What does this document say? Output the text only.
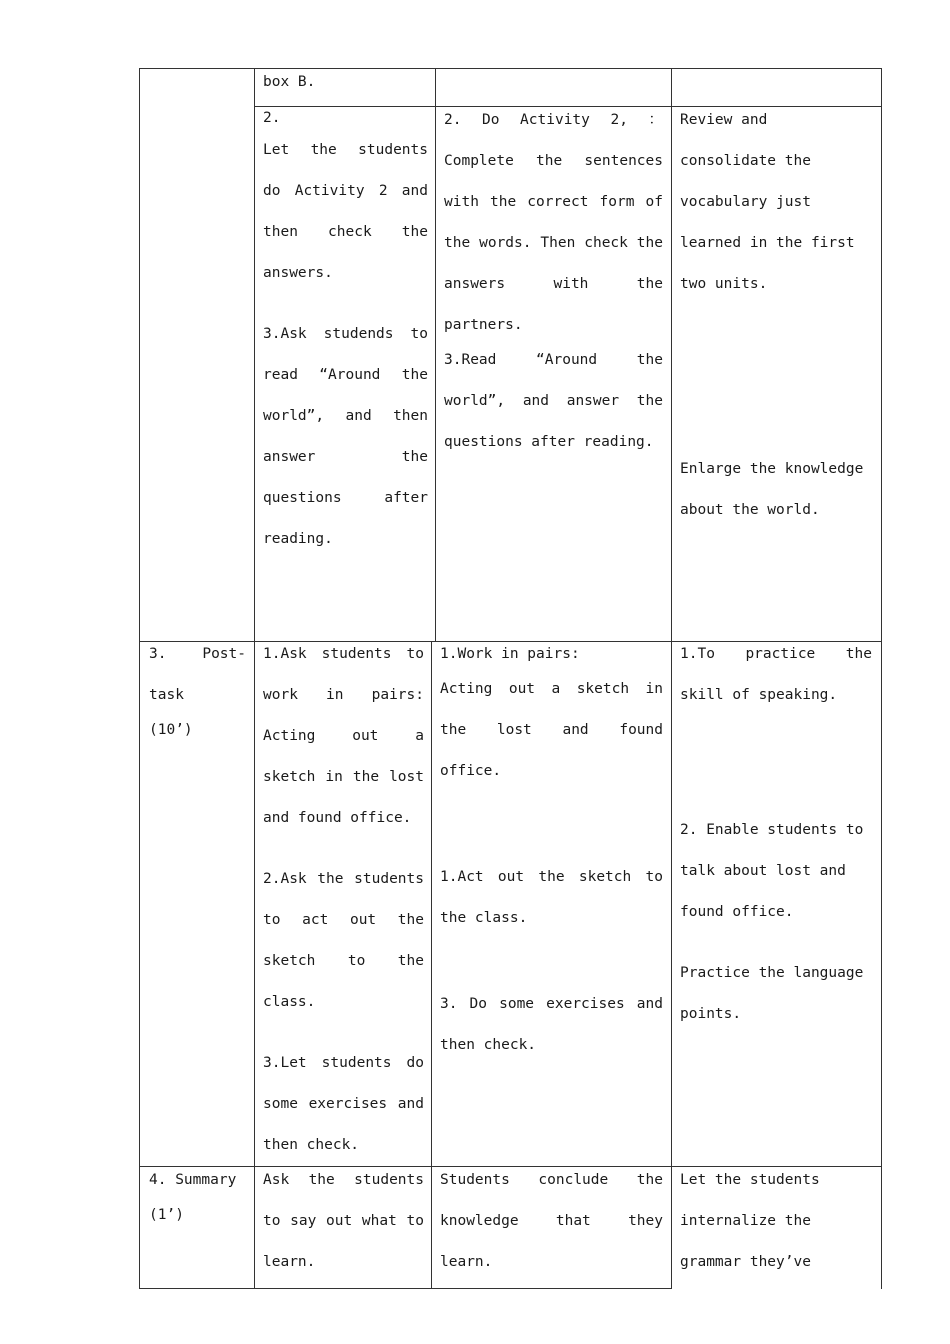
box B.

2.

Let the students do Activity 2 and then check the answers.

3.Ask studends to read “Around the world”, and then answer the questions after reading.

2. Do Activity 2, ：Complete the sentences with the correct form of the words. Then check the answers with the partners.

3.Read “Around the world”, and answer the questions after reading.

Review and consolidate the vocabulary just learned in the first two units.

Enlarge the knowledge about the world.

3. Post-task

(10’)

1.Ask students to work in pairs: Acting out a sketch in the lost and found office.

2.Ask the students to act out the sketch to the class.

3.Let students do some exercises and then check.

1.Work in pairs:

Acting out a sketch in the lost and found office.

1.Act out the sketch to the class.

3. Do some exercises and then check.

1.To practice the skill of speaking.

2. Enable students to talk about lost and found office.

Practice the language points.

4. Summary

(1’)

Ask the students to say out what to learn.

Students conclude the knowledge that they learn.

Let the students internalize the grammar they’ve
